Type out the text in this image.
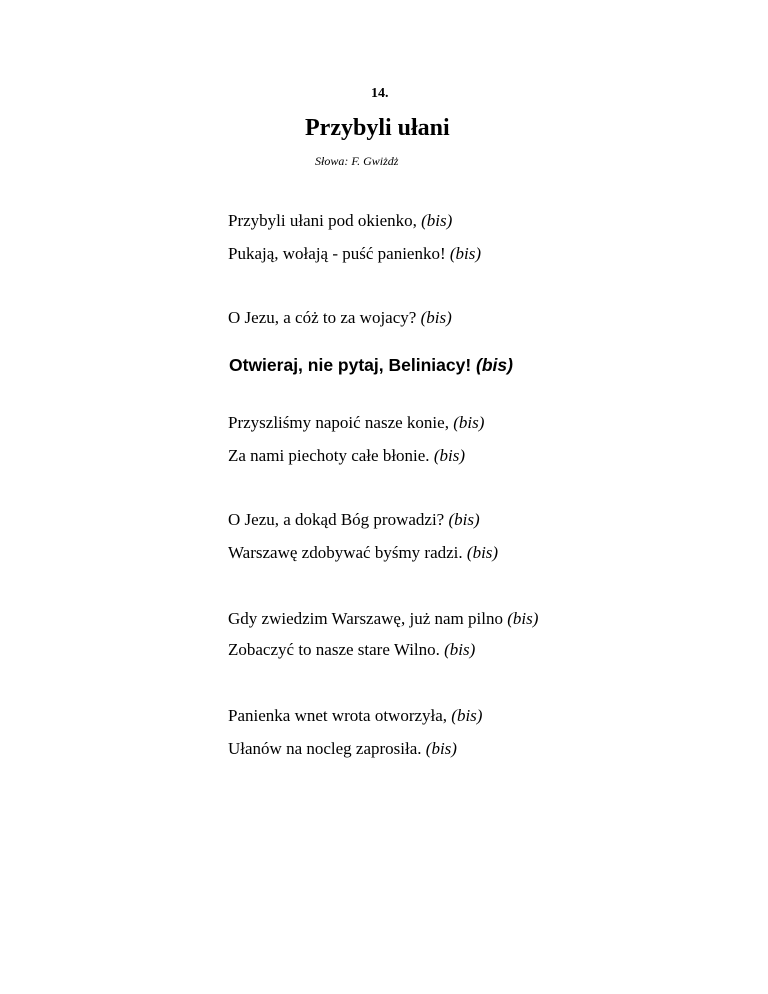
14.
Przybyli ułani
Słowa: F. Gwiżdż
Przybyli ułani pod okienko, (bis)
Pukają, wołają - puść panienko! (bis)
O Jezu, a cóż to za wojacy? (bis)
Otwieraj, nie pytaj, Beliniacy! (bis)
Przyszliśmy napoić nasze konie, (bis)
Za nami piechoty całe błonie. (bis)
O Jezu, a dokąd Bóg prowadzi? (bis)
Warszawę zdobywać byśmy radzi. (bis)
Gdy zwiedzim Warszawę, już nam pilno (bis)
Zobaczyć to nasze stare Wilno. (bis)
Panienka wnet wrota otworzyła, (bis)
Ułanów na nocleg zaprosiła. (bis)
